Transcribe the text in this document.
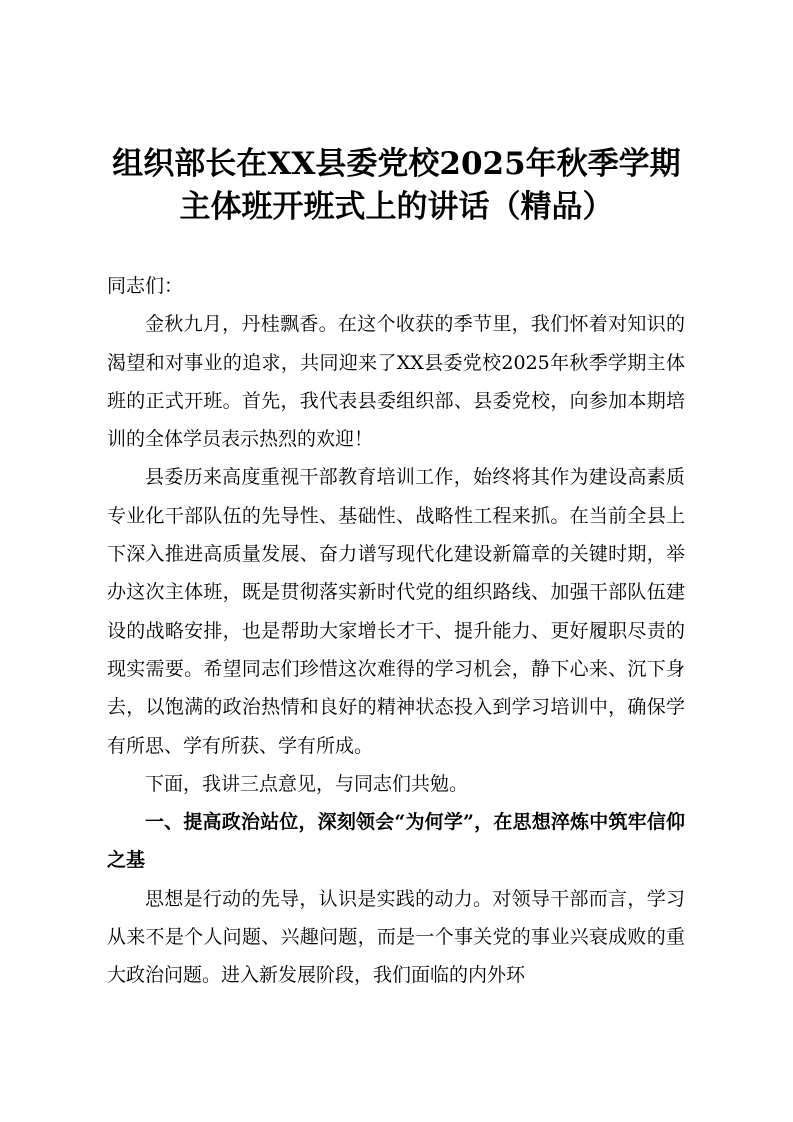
组织部长在XX县委党校2025年秋季学期
主体班开班式上的讲话（精品）

同志们：

金秋九月，丹桂飘香。在这个收获的季节里，我们怀着对知识的渴望和对事业的追求，共同迎来了XX县委党校2025年秋季学期主体班的正式开班。首先，我代表县委组织部、县委党校，向参加本期培训的全体学员表示热烈的欢迎！

县委历来高度重视干部教育培训工作，始终将其作为建设高素质专业化干部队伍的先导性、基础性、战略性工程来抓。在当前全县上下深入推进高质量发展、奋力谱写现代化建设新篇章的关键时期，举办这次主体班，既是贯彻落实新时代党的组织路线、加强干部队伍建设的战略安排，也是帮助大家增长才干、提升能力、更好履职尽责的现实需要。希望同志们珍惜这次难得的学习机会，静下心来、沉下身去，以饱满的政治热情和良好的精神状态投入到学习培训中，确保学有所思、学有所获、学有所成。

下面，我讲三点意见，与同志们共勉。

一、提高政治站位，深刻领会“为何学”，在思想淬炼中筑牢信仰之基

思想是行动的先导，认识是实践的动力。对领导干部而言，学习从来不是个人问题、兴趣问题，而是一个事关党的事业兴衰成败的重大政治问题。进入新发展阶段，我们面临的内外环
